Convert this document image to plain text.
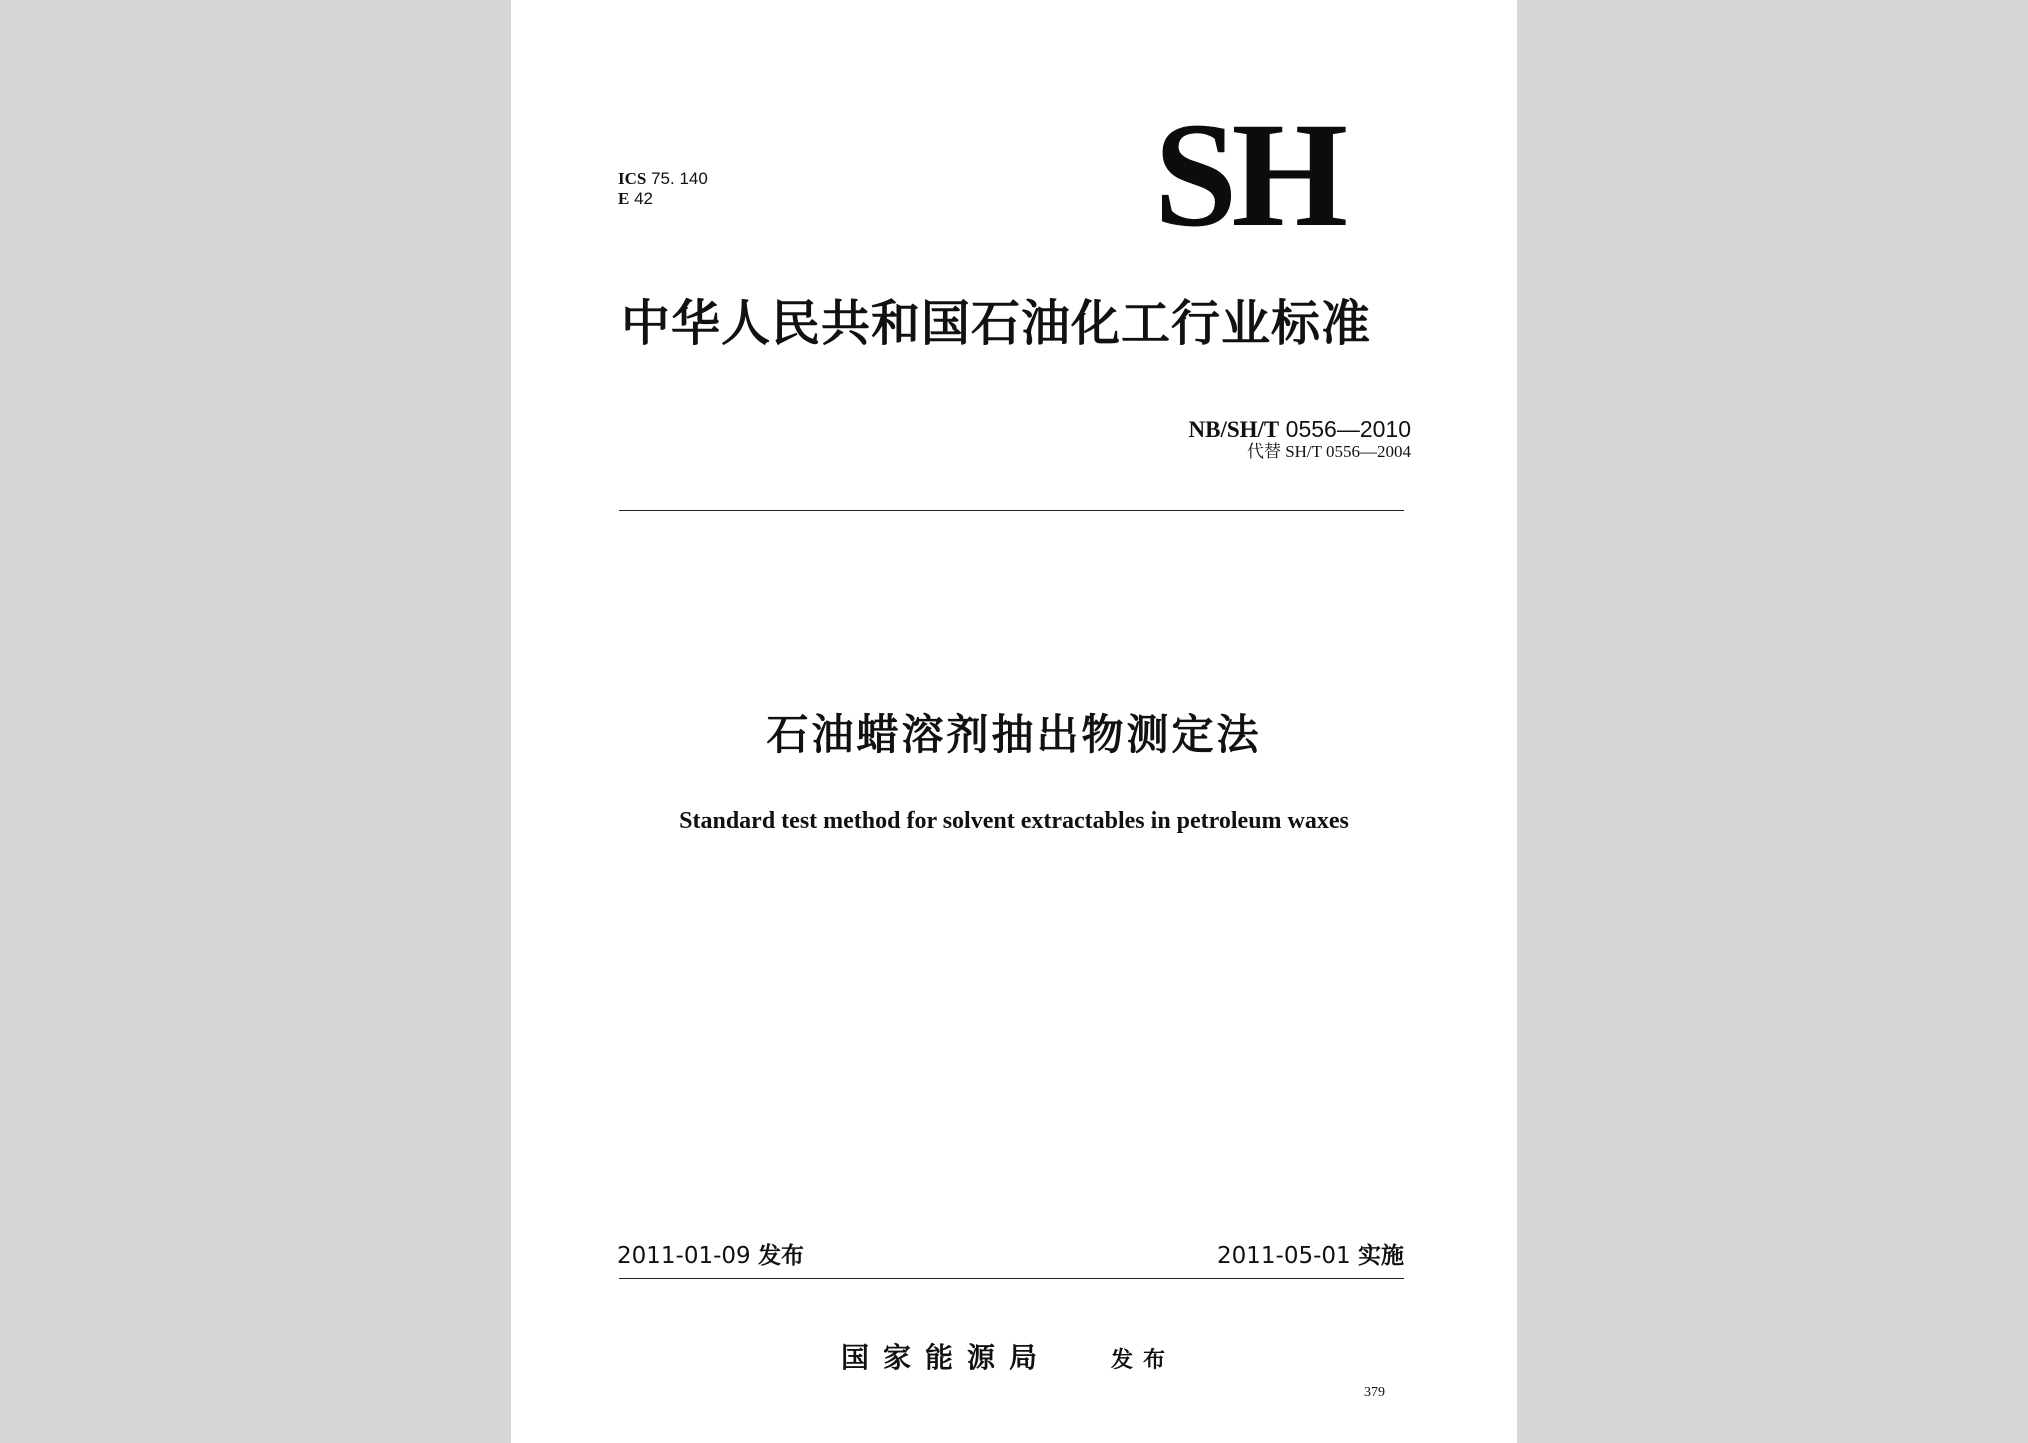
ICS 75. 140
E 42	SH
中华人民共和国石油化工行业标准
NB/SH/T 0556—2010
代替 SH/T 0556—2004
石油蜡溶剂抽出物测定法
Standard test method for solvent extractables in petroleum waxes
2011-01-09 发布	2011-05-01 实施
国家能源局	发布
379
